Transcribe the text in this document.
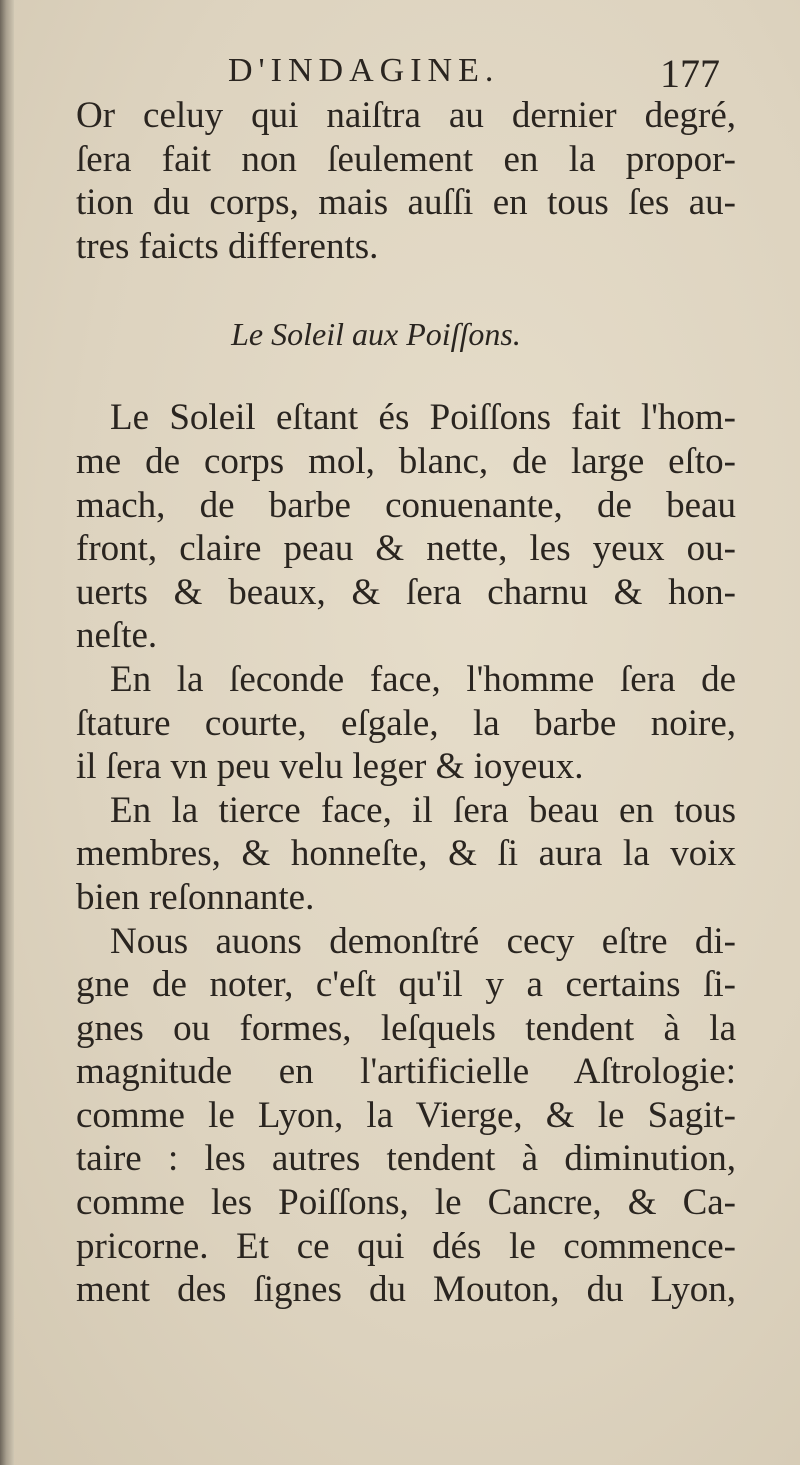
D'INDAGINE.	177
Or celuy qui naiſtra au dernier degré,
ſera fait non ſeulement en la propor-
tion du corps, mais auſſi en tous ſes au-
tres faicts differents.
Le Soleil aux Poiſſons.
Le Soleil eſtant és Poiſſons fait l'hom-
me de corps mol, blanc, de large eſto-
mach, de barbe conuenante, de beau
front, claire peau & nette, les yeux ou-
uerts & beaux, & ſera charnu & hon-
neſte.
En la ſeconde face, l'homme ſera de
ſtature courte, eſgale, la barbe noire,
il ſera vn peu velu leger & ioyeux.
En la tierce face, il ſera beau en tous
membres, & honneſte, & ſi aura la voix
bien reſonnante.
Nous auons demonſtré cecy eſtre di-
gne de noter, c'eſt qu'il y a certains ſi-
gnes ou formes, leſquels tendent à la
magnitude en l'artificielle Aſtrologie:
comme le Lyon, la Vierge, & le Sagit-
taire : les autres tendent à diminution,
comme les Poiſſons, le Cancre, & Ca-
pricorne. Et ce qui dés le commence-
ment des ſignes du Mouton, du Lyon,
